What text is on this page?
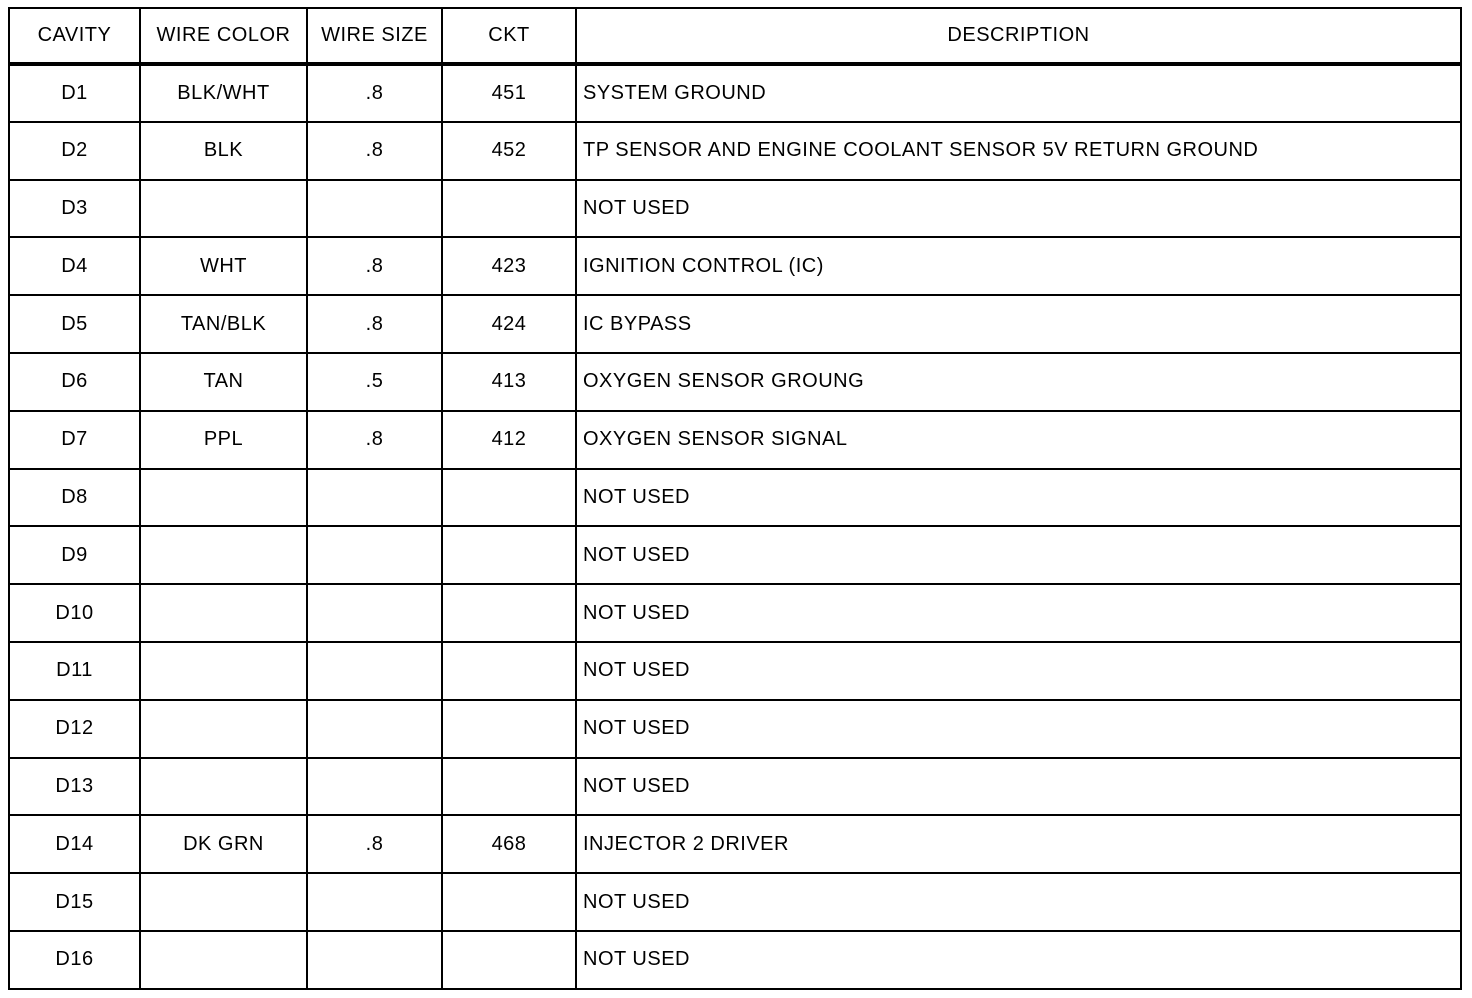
CAVITY	WIRE COLOR	WIRE SIZE	CKT	DESCRIPTION
D1	BLK/WHT	.8	451	SYSTEM GROUND
D2	BLK	.8	452	TP SENSOR AND ENGINE COOLANT SENSOR 5V RETURN GROUND
D3				NOT USED
D4	WHT	.8	423	IGNITION CONTROL (IC)
D5	TAN/BLK	.8	424	IC BYPASS
D6	TAN	.5	413	OXYGEN SENSOR GROUNG
D7	PPL	.8	412	OXYGEN SENSOR SIGNAL
D8				NOT USED
D9				NOT USED
D10				NOT USED
D11				NOT USED
D12				NOT USED
D13				NOT USED
D14	DK GRN	.8	468	INJECTOR 2 DRIVER
D15				NOT USED
D16				NOT USED
